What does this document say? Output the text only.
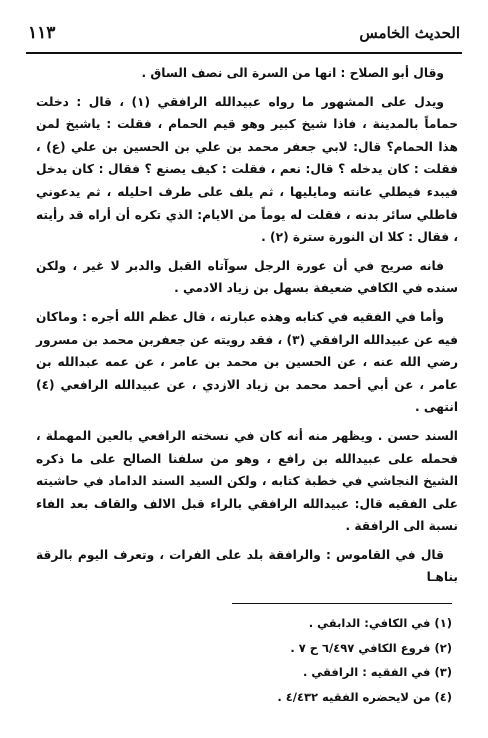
الحديث الخامس
١١٣

وقال أبو الصلاح : انها من السرة الى نصف الساق .

ويدل على المشهور ما رواه عبيدالله الرافقي (١) ، قال : دخلت حماماً بالمدينة ، فاذا شيخ كبير وهو قيم الحمام ، فقلت : ياشيخ لمن هذا الحمام؟ قال: لابي جعفر محمد بن علي بن الحسين بن علي (ع) ، فقلت : كان يدخله ؟ قال: نعم ، فقلت : كيف يصنع ؟ فقال : كان يدخل فيبدء فيطلي عانته ومايليها ، ثم يلف على طرف احليله ، ثم يدعوني فاطلي سائر بدنه ، فقلت له يوماً من الايام: الذي تكره أن أراه قد رأيته ، فقال : كلا ان النورة سترة (٢) .

فانه صريح في أن عورة الرجل سوآتاه القبل والدبر لا غير ، ولكن سنده في الكافي ضعيفة بسهل بن زياد الادمي .

وأما في الفقيه في كتابه وهذه عبارته ، قال عظم الله أجره : وماكان فيه عن عبيدالله الرافقي (٣) ، فقد رويته عن جعفربن محمد بن مسرور رضي الله عنه ، عن الحسين بن محمد بن عامر ، عن عمه عبدالله بن عامر ، عن أبي أحمد محمد بن زياد الازدي ، عن عبيدالله الرافعي (٤) انتهى .

السند حسن . ويظهر منه أنه كان في نسخته الرافعي بالعين المهملة ، فحمله على عبيدالله بن رافع ، وهو من سلفنا الصالح على ما ذكره الشيخ النجاشي في خطبة كتابه ، ولكن السيد السند الداماد في حاشيته على الفقيه قال: عبيدالله الرافقي بالراء قبل الالف والقاف بعد الفاء نسبة الى الرافقة .

قال في القاموس : والرافقة بلد على الفرات ، وتعرف اليوم بالرقة بناهـا

(١) في الكافي: الدابقي .
(٢) فروع الكافي ٦/٤٩٧ ح ٧ .
(٣) في الفقيه : الرافقي .
(٤) من لايحضره الفقيه ٤/٤٣٢ .
